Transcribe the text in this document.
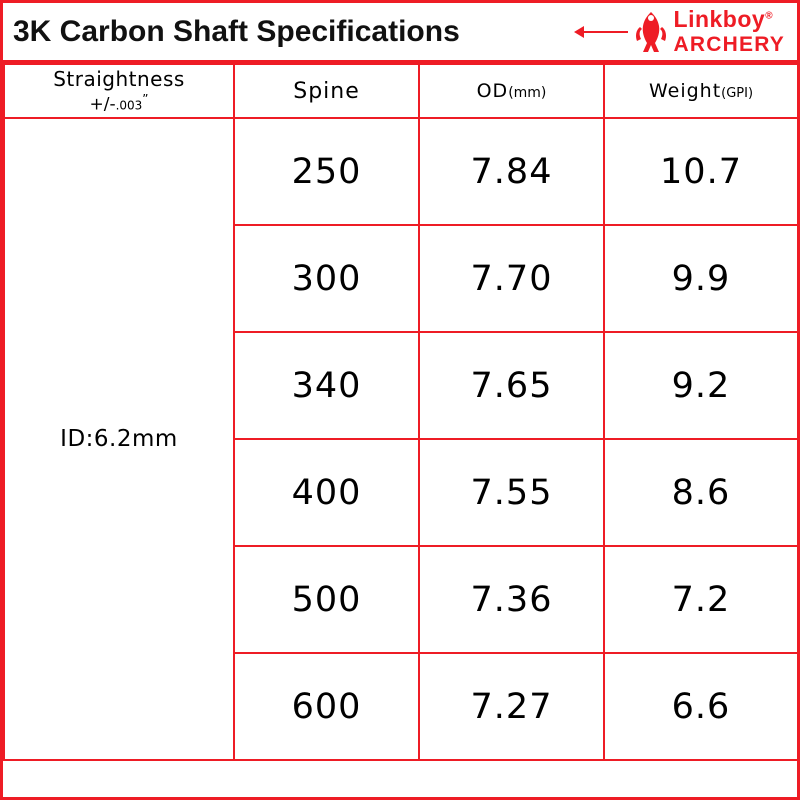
3K Carbon Shaft Specifications	Linkboy®
ARCHERY
Straightness
+/-.003”	Spine	OD(mm)	Weight(GPI)
ID:6.2mm	250	7.84	10.7
	300	7.70	9.9
	340	7.65	9.2
	400	7.55	8.6
	500	7.36	7.2
	600	7.27	6.6
